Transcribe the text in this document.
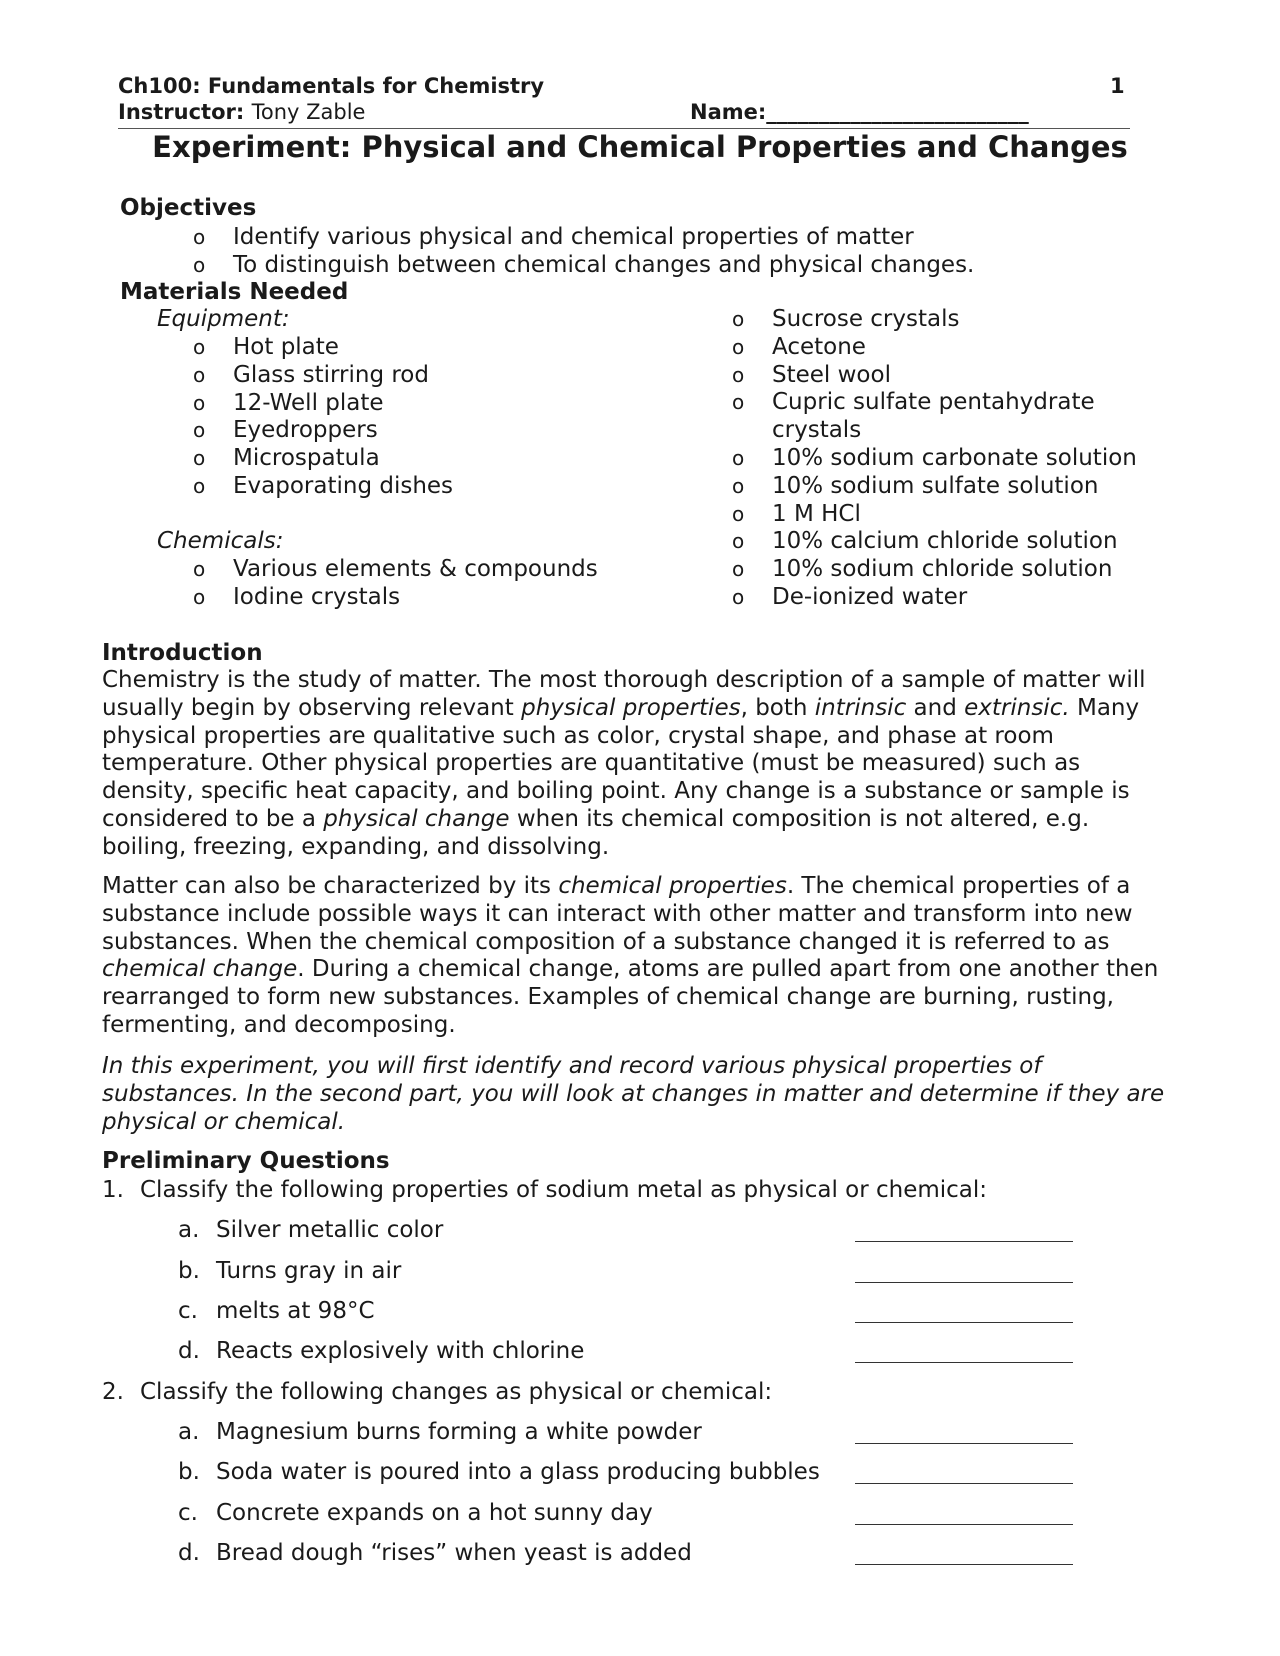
Ch100: Fundamentals for Chemistry	1
Instructor: Tony Zable	Name:_________________________
Experiment: Physical and Chemical Properties and Changes
Objectives
o Identify various physical and chemical properties of matter
o To distinguish between chemical changes and physical changes.
Materials Needed
Equipment:
o Hot plate
o Glass stirring rod
o 12-Well plate
o Eyedroppers
o Microspatula
o Evaporating dishes
Chemicals:
o Various elements & compounds
o Iodine crystals
o Sucrose crystals
o Acetone
o Steel wool
o Cupric sulfate pentahydrate crystals
o 10% sodium carbonate solution
o 10% sodium sulfate solution
o 1 M HCl
o 10% calcium chloride solution
o 10% sodium chloride solution
o De-ionized water
Introduction

Chemistry is the study of matter. The most thorough description of a sample of matter will usually begin by observing relevant physical properties, both intrinsic and extrinsic. Many physical properties are qualitative such as color, crystal shape, and phase at room temperature. Other physical properties are quantitative (must be measured) such as density, specific heat capacity, and boiling point. Any change is a substance or sample is considered to be a physical change when its chemical composition is not altered, e.g. boiling, freezing, expanding, and dissolving.

Matter can also be characterized by its chemical properties. The chemical properties of a substance include possible ways it can interact with other matter and transform into new substances. When the chemical composition of a substance changed it is referred to as chemical change. During a chemical change, atoms are pulled apart from one another then rearranged to form new substances. Examples of chemical change are burning, rusting, fermenting, and decomposing.

In this experiment, you will first identify and record various physical properties of substances. In the second part, you will look at changes in matter and determine if they are physical or chemical.

Preliminary Questions
1. Classify the following properties of sodium metal as physical or chemical:
a. Silver metallic color
b. Turns gray in air
c. melts at 98°C
d. Reacts explosively with chlorine
2. Classify the following changes as physical or chemical:
a. Magnesium burns forming a white powder
b. Soda water is poured into a glass producing bubbles
c. Concrete expands on a hot sunny day
d. Bread dough “rises” when yeast is added
